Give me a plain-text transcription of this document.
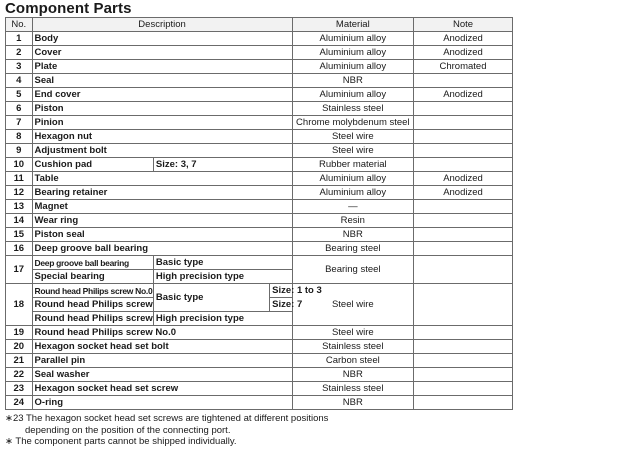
Component Parts
No.	Description			Material	Note
1	Body			Aluminium alloy	Anodized
2	Cover			Aluminium alloy	Anodized
3	Plate			Aluminium alloy	Chromated
4	Seal			NBR	
5	End cover			Aluminium alloy	Anodized
6	Piston			Stainless steel	
7	Pinion			Chrome molybdenum steel	
8	Hexagon nut			Steel wire	
9	Adjustment bolt			Steel wire	
10	Cushion pad	Size: 3, 7		Rubber material	
11	Table			Aluminium alloy	Anodized
12	Bearing retainer			Aluminium alloy	Anodized
13	Magnet			—	
14	Wear ring			Resin	
15	Piston seal			NBR	
16	Deep groove ball bearing			Bearing steel	
17	Deep groove ball bearing	Basic type		Bearing steel	
	Special bearing	High precision type			
18	Round head Philips screw No.0	Basic type	Size: 1 to 3	Steel wire	
	Round head Philips screw		Size: 7		
	Round head Philips screw	High precision type			
19	Round head Philips screw No.0			Steel wire	
20	Hexagon socket head set bolt			Stainless steel	
21	Parallel pin			Carbon steel	
22	Seal washer			NBR	
23	Hexagon socket head set screw			Stainless steel	
24	O-ring			NBR	

∗23 The hexagon socket head set screws are tightened at different positions

depending on the position of the connecting port.

∗ The component parts cannot be shipped individually.
